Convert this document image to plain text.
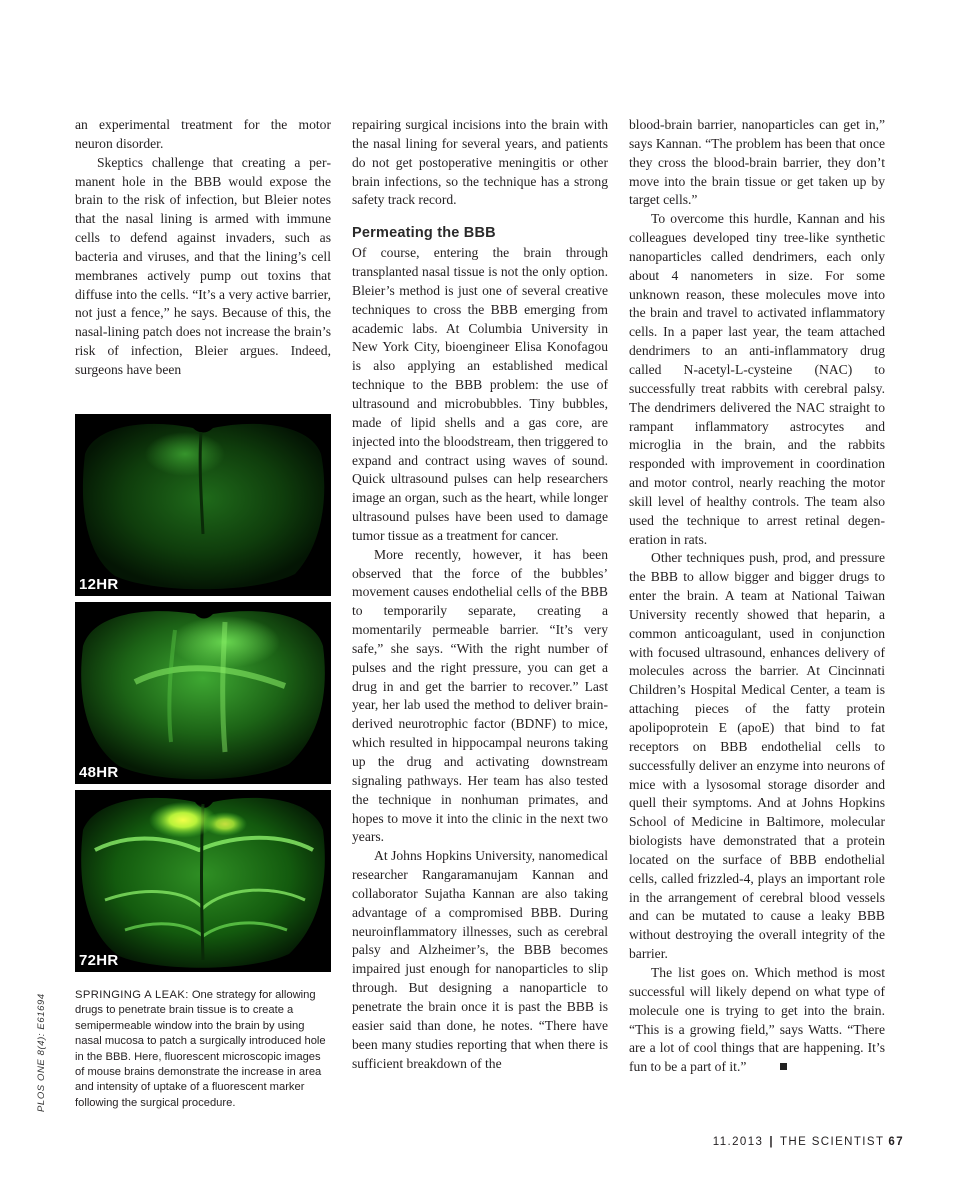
an experimental treatment for the motor neuron disorder.

Skeptics challenge that creating a permanent hole in the BBB would expose the brain to the risk of infection, but Bleier notes that the nasal lining is armed with immune cells to defend against invaders, such as bacteria and viruses, and that the lining’s cell membranes actively pump out toxins that diffuse into the cells. “It’s a very active barrier, not just a fence,” he says. Because of this, the nasal-lining patch does not increase the brain’s risk of infection, Bleier argues. Indeed, surgeons have been

12HR
48HR
72HR
SPRINGING A LEAK: One strategy for allowing drugs to penetrate brain tissue is to create a semipermeable window into the brain by using nasal mucosa to patch a surgically introduced hole in the BBB. Here, fluorescent microscopic images of mouse brains demonstrate the increase in area and intensity of uptake of a fluorescent marker following the surgical procedure.
PLOS ONE 8(4): E61694

repairing surgical incisions into the brain with the nasal lining for several years, and patients do not get postoperative meningitis or other brain infections, so the technique has a strong safety track record.

Permeating the BBB

Of course, entering the brain through transplanted nasal tissue is not the only option. Bleier’s method is just one of several creative techniques to cross the BBB emerging from academic labs. At Columbia University in New York City, bioengineer Elisa Konofagou is also applying an established medical technique to the BBB problem: the use of ultrasound and microbubbles. Tiny bubbles, made of lipid shells and a gas core, are injected into the bloodstream, then triggered to expand and contract using waves of sound. Quick ultrasound pulses can help researchers image an organ, such as the heart, while longer ultrasound pulses have been used to damage tumor tissue as a treatment for cancer.

More recently, however, it has been observed that the force of the bubbles’ movement causes endothelial cells of the BBB to temporarily separate, creating a momentarily permeable barrier. “It’s very safe,” she says. “With the right number of pulses and the right pressure, you can get a drug in and get the barrier to recover.” Last year, her lab used the method to deliver brain-derived neurotrophic factor (BDNF) to mice, which resulted in hippocampal neurons taking up the drug and activating downstream signaling pathways. Her team has also tested the technique in nonhuman primates, and hopes to move it into the clinic in the next two years.

At Johns Hopkins University, nanomedical researcher Rangaramanujam Kannan and collaborator Sujatha Kannan are also taking advantage of a compromised BBB. During neuroinflammatory illnesses, such as cerebral palsy and Alzheimer’s, the BBB becomes impaired just enough for nanoparticles to slip through. But designing a nanoparticle to penetrate the brain once it is past the BBB is easier said than done, he notes. “There have been many studies reporting that when there is sufficient breakdown of the

blood-brain barrier, nanoparticles can get in,” says Kannan. “The problem has been that once they cross the blood-brain barrier, they don’t move into the brain tissue or get taken up by target cells.”

To overcome this hurdle, Kannan and his colleagues developed tiny tree-like synthetic nanoparticles called dendrimers, each only about 4 nanometers in size. For some unknown reason, these molecules move into the brain and travel to activated inflammatory cells. In a paper last year, the team attached dendrimers to an anti-inflammatory drug called N-acetyl-L-cysteine (NAC) to successfully treat rabbits with cerebral palsy. The dendrimers delivered the NAC straight to rampant inflammatory astrocytes and microglia in the brain, and the rabbits responded with improvement in coordination and motor control, nearly reaching the motor skill level of healthy controls. The team also used the technique to arrest retinal degeneration in rats.

Other techniques push, prod, and pressure the BBB to allow bigger and bigger drugs to enter the brain. A team at National Taiwan University recently showed that heparin, a common anticoagulant, used in conjunction with focused ultrasound, enhances delivery of molecules across the barrier. At Cincinnati Children’s Hospital Medical Center, a team is attaching pieces of the fatty protein apolipoprotein E (apoE) that bind to fat receptors on BBB endothelial cells to successfully deliver an enzyme into neurons of mice with a lysosomal storage disorder and quell their symptoms. And at Johns Hopkins School of Medicine in Baltimore, molecular biologists have demonstrated that a protein located on the surface of BBB endothelial cells, called frizzled-4, plays an important role in the arrangement of cerebral blood vessels and can be mutated to cause a leaky BBB without destroying the overall integrity of the barrier.

The list goes on. Which method is most successful will likely depend on what type of molecule one is trying to get into the brain. “This is a growing field,” says Watts. “There are a lot of cool things that are happening. It’s fun to be a part of it.”

11.2013 | THE SCIENTIST 67
